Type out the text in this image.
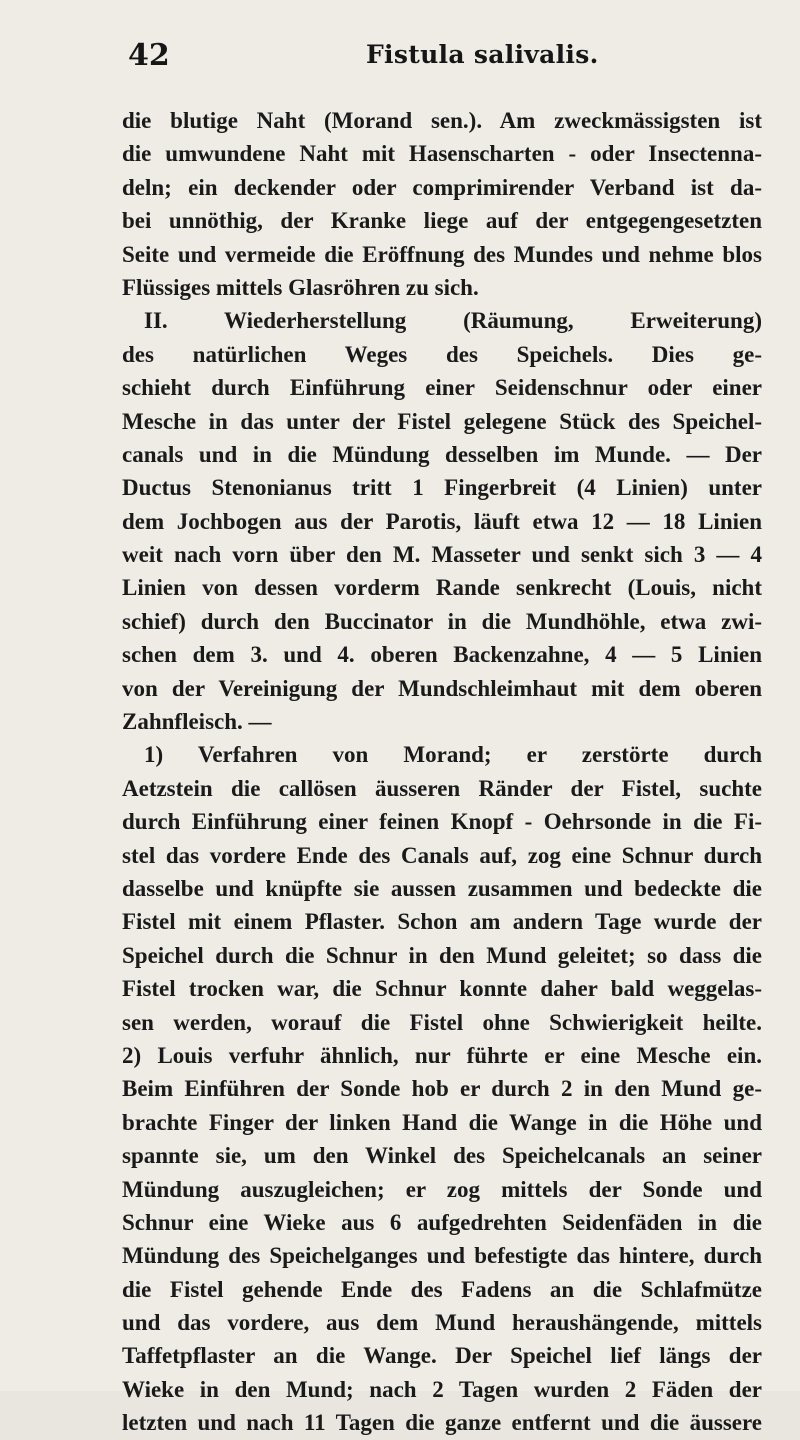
42	Fistula salivalis.
die blutige Naht (Morand sen.). Am zweckmässigsten ist
die umwundene Naht mit Hasenscharten - oder Insectenna-
deln; ein deckender oder comprimirender Verband ist da-
bei unnöthig, der Kranke liege auf der entgegengesetzten
Seite und vermeide die Eröffnung des Mundes und nehme blos
Flüssiges mittels Glasröhren zu sich.
II. Wiederherstellung (Räumung, Erweiterung)
des natürlichen Weges des Speichels. Dies ge-
schieht durch Einführung einer Seidenschnur oder einer
Mesche in das unter der Fistel gelegene Stück des Speichel-
canals und in die Mündung desselben im Munde. — Der
Ductus Stenonianus tritt 1 Fingerbreit (4 Linien) unter
dem Jochbogen aus der Parotis, läuft etwa 12 — 18 Linien
weit nach vorn über den M. Masseter und senkt sich 3 — 4
Linien von dessen vorderm Rande senkrecht (Louis, nicht
schief) durch den Buccinator in die Mundhöhle, etwa zwi-
schen dem 3. und 4. oberen Backenzahne, 4 — 5 Linien
von der Vereinigung der Mundschleimhaut mit dem oberen
Zahnfleisch. —
1) Verfahren von Morand; er zerstörte durch
Aetzstein die callösen äusseren Ränder der Fistel, suchte
durch Einführung einer feinen Knopf - Oehrsonde in die Fi-
stel das vordere Ende des Canals auf, zog eine Schnur durch
dasselbe und knüpfte sie aussen zusammen und bedeckte die
Fistel mit einem Pflaster. Schon am andern Tage wurde der
Speichel durch die Schnur in den Mund geleitet; so dass die
Fistel trocken war, die Schnur konnte daher bald weggelas-
sen werden, worauf die Fistel ohne Schwierigkeit heilte.
2) Louis verfuhr ähnlich, nur führte er eine Mesche ein.
Beim Einführen der Sonde hob er durch 2 in den Mund ge-
brachte Finger der linken Hand die Wange in die Höhe und
spannte sie, um den Winkel des Speichelcanals an seiner
Mündung auszugleichen; er zog mittels der Sonde und
Schnur eine Wieke aus 6 aufgedrehten Seidenfäden in die
Mündung des Speichelganges und befestigte das hintere, durch
die Fistel gehende Ende des Fadens an die Schlafmütze
und das vordere, aus dem Mund heraushängende, mittels
Taffetpflaster an die Wange. Der Speichel lief längs der
Wieke in den Mund; nach 2 Tagen wurden 2 Fäden der
letzten und nach 11 Tagen die ganze entfernt und die äussere
